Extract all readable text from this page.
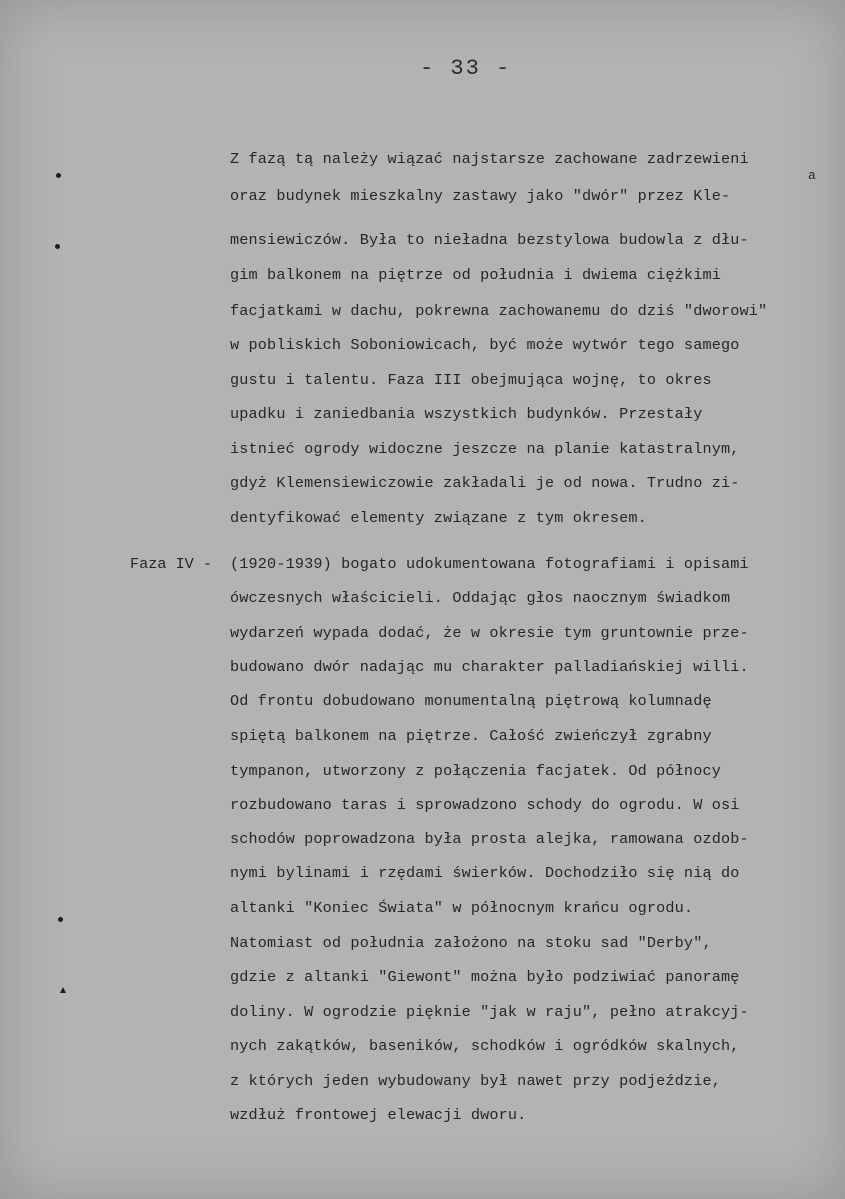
- 33 -
Z fazą tą należy wiązać najstarsze zachowane zadrzewieni
a
oraz budynek mieszkalny zastawy jako "dwór" przez Kle-
mensiewiczów. Była to nieładna bezstylowa budowla z dłu-
gim balkonem na piętrze od południa i dwiema ciężkimi
facjatkami w dachu, pokrewna zachowanemu do dziś "dworowi"
w pobliskich Soboniowicach, być może wytwór tego samego
gustu i talentu. Faza III obejmująca wojnę, to okres
upadku i zaniedbania wszystkich budynków. Przestały
istnieć ogrody widoczne jeszcze na planie katastralnym,
gdyż Klemensiewiczowie zakładali je od nowa. Trudno zi-
dentyfikować elementy związane z tym okresem.
Faza IV - (1920-1939) bogato udokumentowana fotografiami i opisami
ówczesnych właścicieli. Oddając głos naocznym świadkom
wydarzeń wypada dodać, że w okresie tym gruntownie prze-
budowano dwór nadając mu charakter palladiańskiej willi.
Od frontu dobudowano monumentalną piętrową kolumnadę
spiętą balkonem na piętrze. Całość zwieńczył zgrabny
tympanon, utworzony z połączenia facjatek. Od północy
rozbudowano taras i sprowadzono schody do ogrodu. W osi
schodów poprowadzona była prosta alejka, ramowana ozdob-
nymi bylinami i rzędami świerków. Dochodziło się nią do
altanki "Koniec Świata" w północnym krańcu ogrodu.
Natomiast od południa założono na stoku sad "Derby",
gdzie z altanki "Giewont" można było podziwiać panoramę
doliny. W ogrodzie pięknie "jak w raju", pełno atrakcyj-
nych zakątków, baseników, schodków i ogródków skalnych,
z których jeden wybudowany był nawet przy podjeździe,
wzdłuż frontowej elewacji dworu.
